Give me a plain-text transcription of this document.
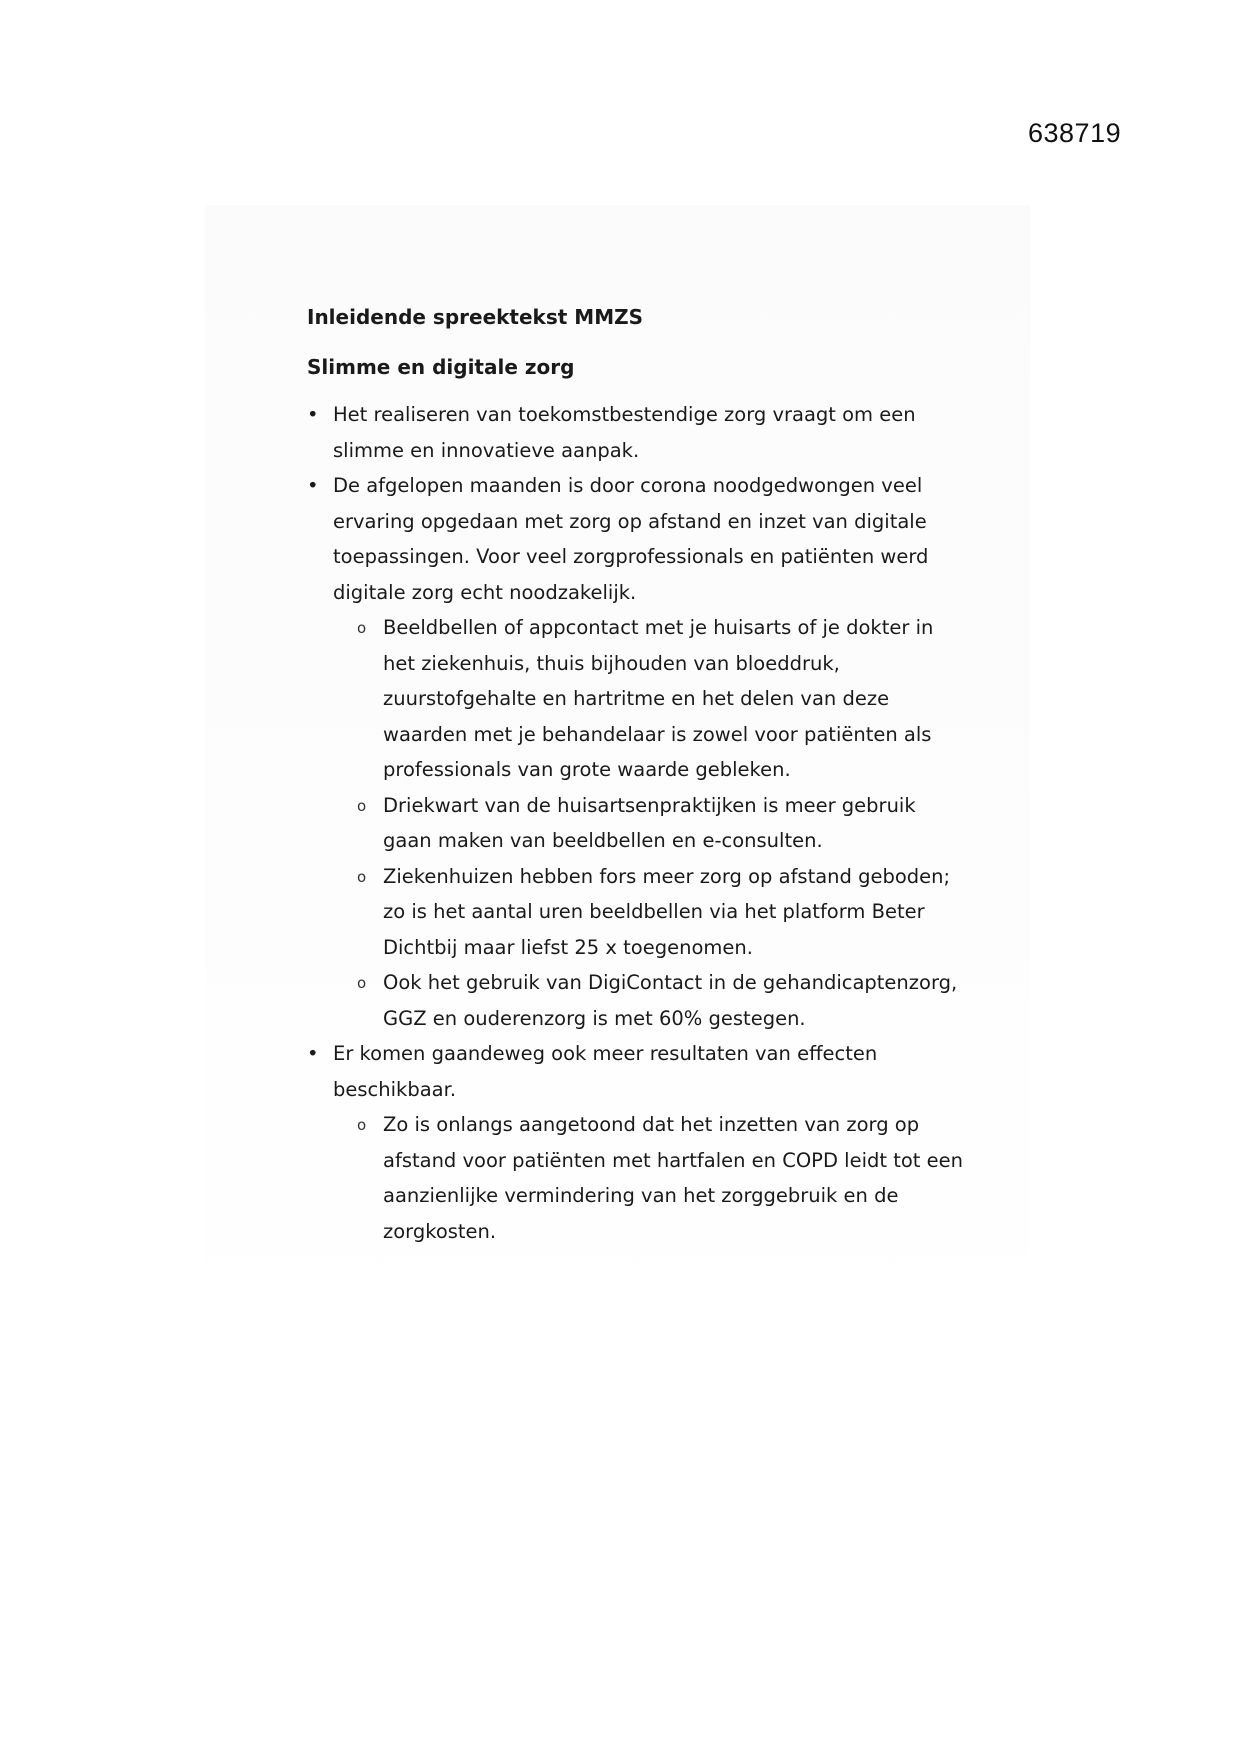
638719
Inleidende spreektekst MMZS
Slimme en digitale zorg
• Het realiseren van toekomstbestendige zorg vraagt om een slimme en innovatieve aanpak.
• De afgelopen maanden is door corona noodgedwongen veel ervaring opgedaan met zorg op afstand en inzet van digitale toepassingen. Voor veel zorgprofessionals en patiënten werd digitale zorg echt noodzakelijk.
o Beeldbellen of appcontact met je huisarts of je dokter in het ziekenhuis, thuis bijhouden van bloeddruk, zuurstofgehalte en hartritme en het delen van deze waarden met je behandelaar is zowel voor patiënten als professionals van grote waarde gebleken.
o Driekwart van de huisartsenpraktijken is meer gebruik gaan maken van beeldbellen en e-consulten.
o Ziekenhuizen hebben fors meer zorg op afstand geboden; zo is het aantal uren beeldbellen via het platform Beter Dichtbij maar liefst 25 x toegenomen.
o Ook het gebruik van DigiContact in de gehandicaptenzorg, GGZ en ouderenzorg is met 60% gestegen.
• Er komen gaandeweg ook meer resultaten van effecten beschikbaar.
o Zo is onlangs aangetoond dat het inzetten van zorg op afstand voor patiënten met hartfalen en COPD leidt tot een aanzienlijke vermindering van het zorggebruik en de zorgkosten.
